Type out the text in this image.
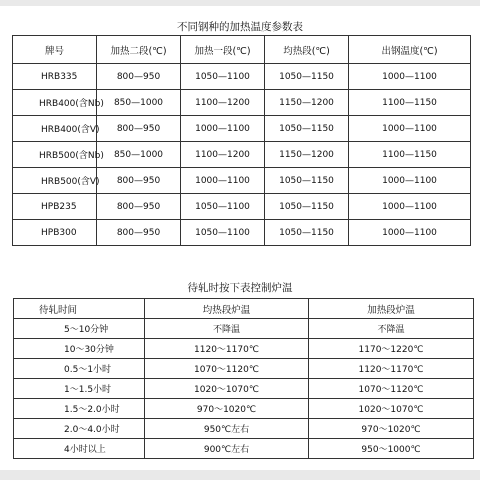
不同钢种的加热温度参数表
牌号	加热二段(℃)	加热一段(℃)	均热段(℃)	出钢温度(℃)
HRB335	800—950	1050—1100	1050—1150	1000—1100
HRB400(含Nb)	850—1000	1100—1200	1150—1200	1100—1150
HRB400(含V)	800—950	1000—1100	1050—1150	1000—1100
HRB500(含Nb)	850—1000	1100—1200	1150—1200	1100—1150
HRB500(含V)	800—950	1000—1100	1050—1150	1000—1100
HPB235	800—950	1050—1100	1050—1150	1000—1100
HPB300	800—950	1050—1100	1050—1150	1000—1100
待轧时按下表控制炉温
待轧时间	均热段炉温	加热段炉温
5～10分钟	不降温	不降温
10～30分钟	1120～1170℃	1170～1220℃
0.5～1小时	1070～1120℃	1120～1170℃
1～1.5小时	1020～1070℃	1070～1120℃
1.5～2.0小时	970～1020℃	1020～1070℃
2.0～4.0小时	950℃左右	970～1020℃
4小时以上	900℃左右	950～1000℃
